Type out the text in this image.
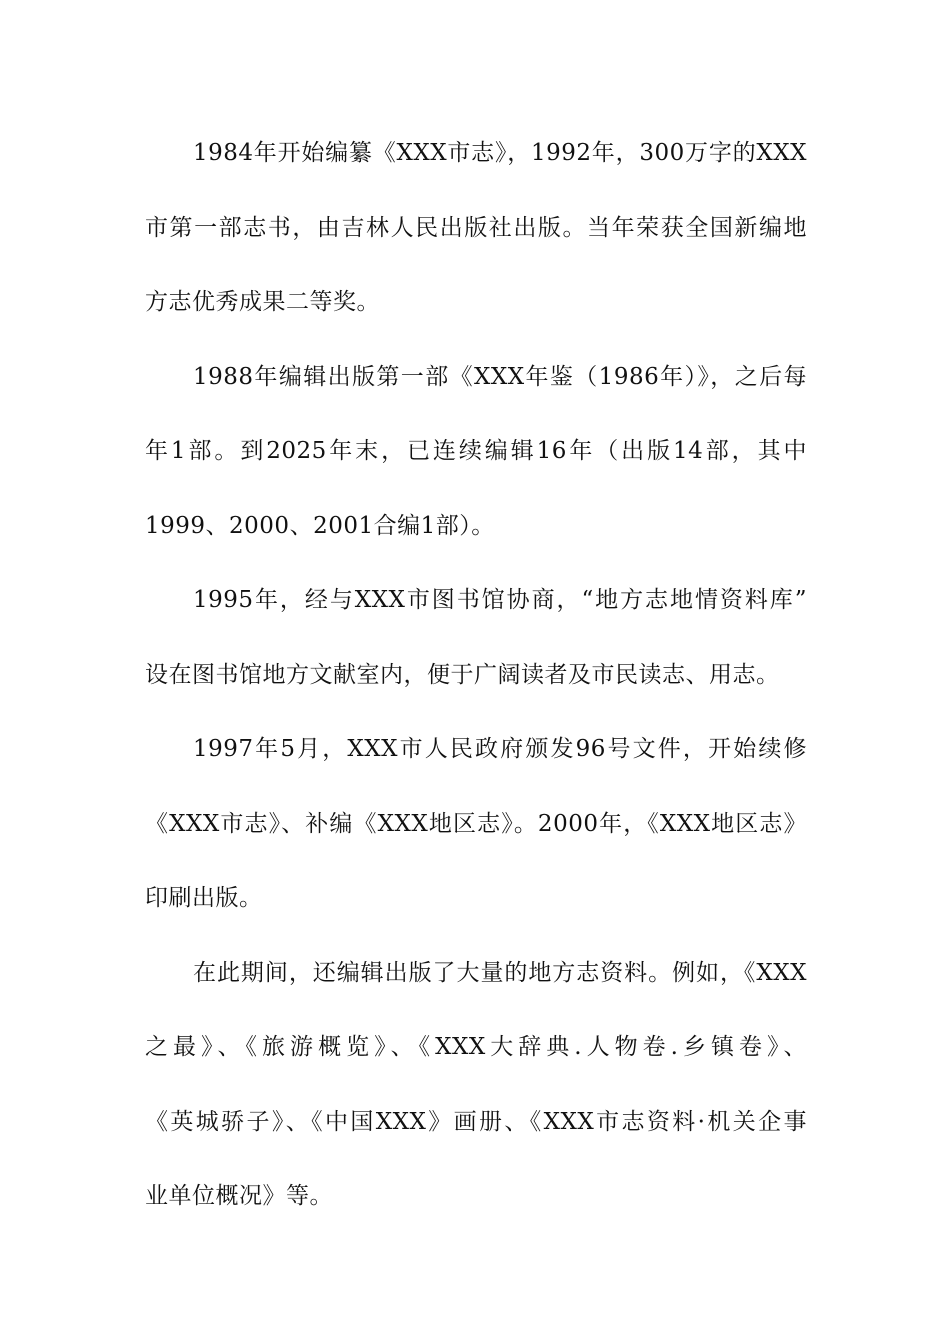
1984年开始编纂《XXX市志》，1992年，300万字的XXX
市第一部志书，由吉林人民出版社出版。当年荣获全国新编地
方志优秀成果二等奖。

1988年编辑出版第一部《XXX年鉴（1986年）》，之后每
年1部。到2025年末，已连续编辑16年（出版14部，其中
1999、2000、2001合编1部）。

1995年，经与XXX市图书馆协商，“地方志地情资料库”
设在图书馆地方文献室内，便于广阔读者及市民读志、用志。

1997年5月，XXX市人民政府颁发96号文件，开始续修
《XXX市志》、补编《XXX地区志》。2000年，《XXX地区志》
印刷出版。

在此期间，还编辑出版了大量的地方志资料。例如，《XXX
之最》、《旅游概览》、《XXX大辞典.人物卷.乡镇卷》、
《英城骄子》、《中国XXX》画册、《XXX市志资料·机关企事
业单位概况》等。
